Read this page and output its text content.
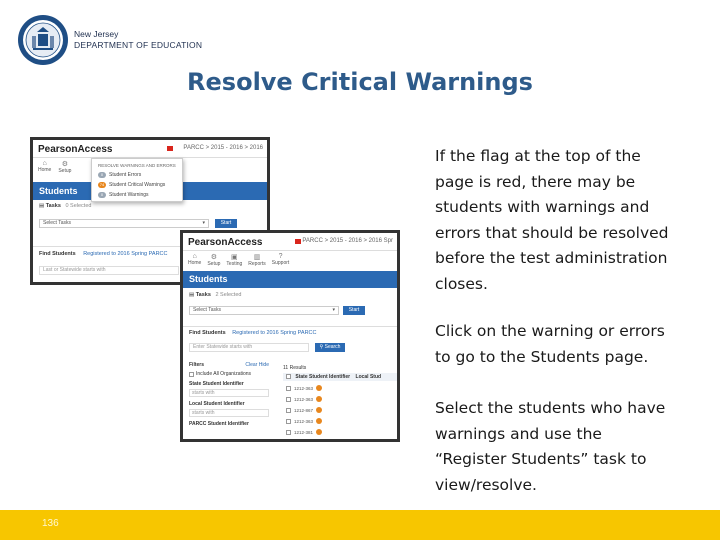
New Jersey
DEPARTMENT OF EDUCATION
Resolve Critical Warnings
PearsonAccess	PARCC > 2015 - 2016 > 2016
⌂
Home
⚙
Setup
Students
▤ Tasks 0 Selected
Select Tasks	▾	Start
Find Students Registered to 2016 Spring PARCC
Last or Statewide starts with
RESOLVE WARNINGS AND ERRORS
0	Student Errors
74 Student Critical Warnings
0	Student Warnings
PearsonAccess	PARCC > 2015 - 2016 > 2016 Spr
⌂
Home
⚙
Setup
▣
Testing
▥
Reports
?
Support
Students
▤ Tasks 2 Selected
Select Tasks	▾	Start
Find Students Registered to 2016 Spring PARCC
Enter Statewide starts with	⚲ Search
Filters	Clear Hide
Include All Organizations
State Student Identifier
starts with
Local Student Identifier
starts with
PARCC Student Identifier
11 Results
State Student Identifier Local Stud
1212-363
1212-363
1212-867
1212-363
1212-381
If the flag at the top of the
page is red, there may be
students with warnings and
errors that should be resolved
before the test administration
closes.
Click on the warning or errors
to go to the Students page.
Select the students who have
warnings and use the
“Register Students” task to
view/resolve.
136
